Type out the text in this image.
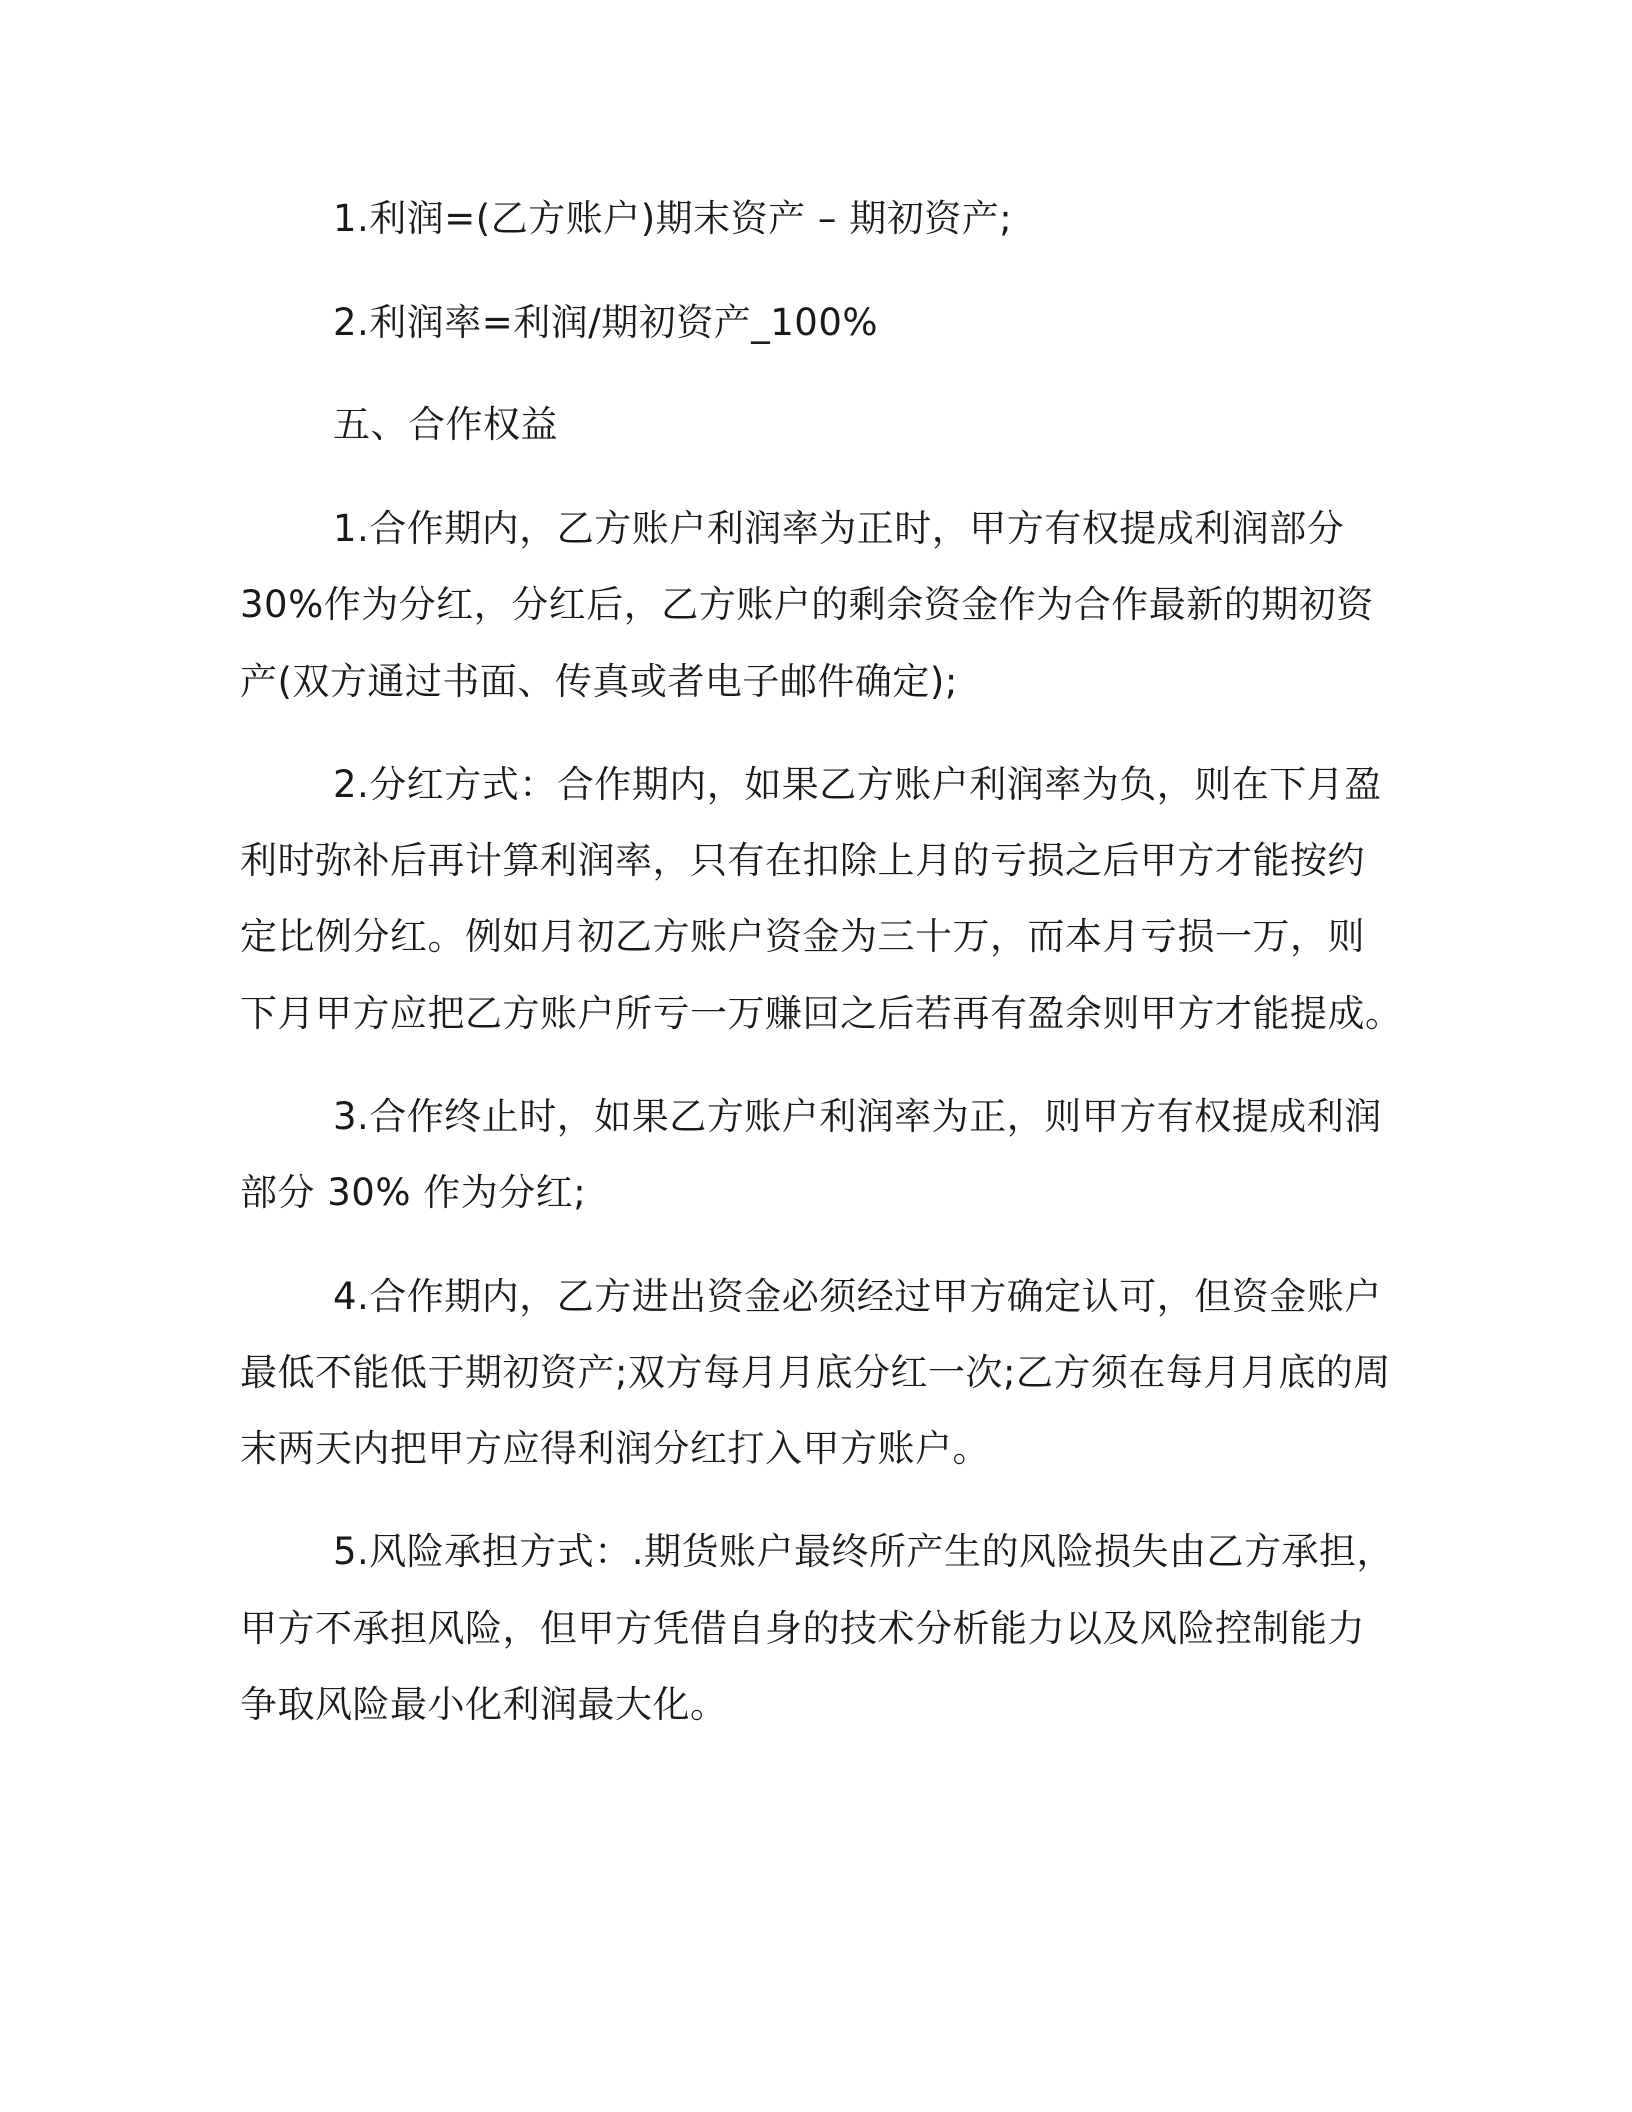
1.利润=(乙方账户)期末资产 – 期初资产;
2.利润率=利润/期初资产_100%
五、合作权益
1.合作期内，乙方账户利润率为正时，甲方有权提成利润部分
30%作为分红，分红后，乙方账户的剩余资金作为合作最新的期初资
产(双方通过书面、传真或者电子邮件确定);
2.分红方式：合作期内，如果乙方账户利润率为负，则在下月盈
利时弥补后再计算利润率，只有在扣除上月的亏损之后甲方才能按约
定比例分红。例如月初乙方账户资金为三十万，而本月亏损一万，则
下月甲方应把乙方账户所亏一万赚回之后若再有盈余则甲方才能提成。
3.合作终止时，如果乙方账户利润率为正，则甲方有权提成利润
部分 30% 作为分红;
4.合作期内，乙方进出资金必须经过甲方确定认可，但资金账户
最低不能低于期初资产;双方每月月底分红一次;乙方须在每月月底的周
末两天内把甲方应得利润分红打入甲方账户。
5.风险承担方式：.期货账户最终所产生的风险损失由乙方承担，
甲方不承担风险，但甲方凭借自身的技术分析能力以及风险控制能力
争取风险最小化利润最大化。
